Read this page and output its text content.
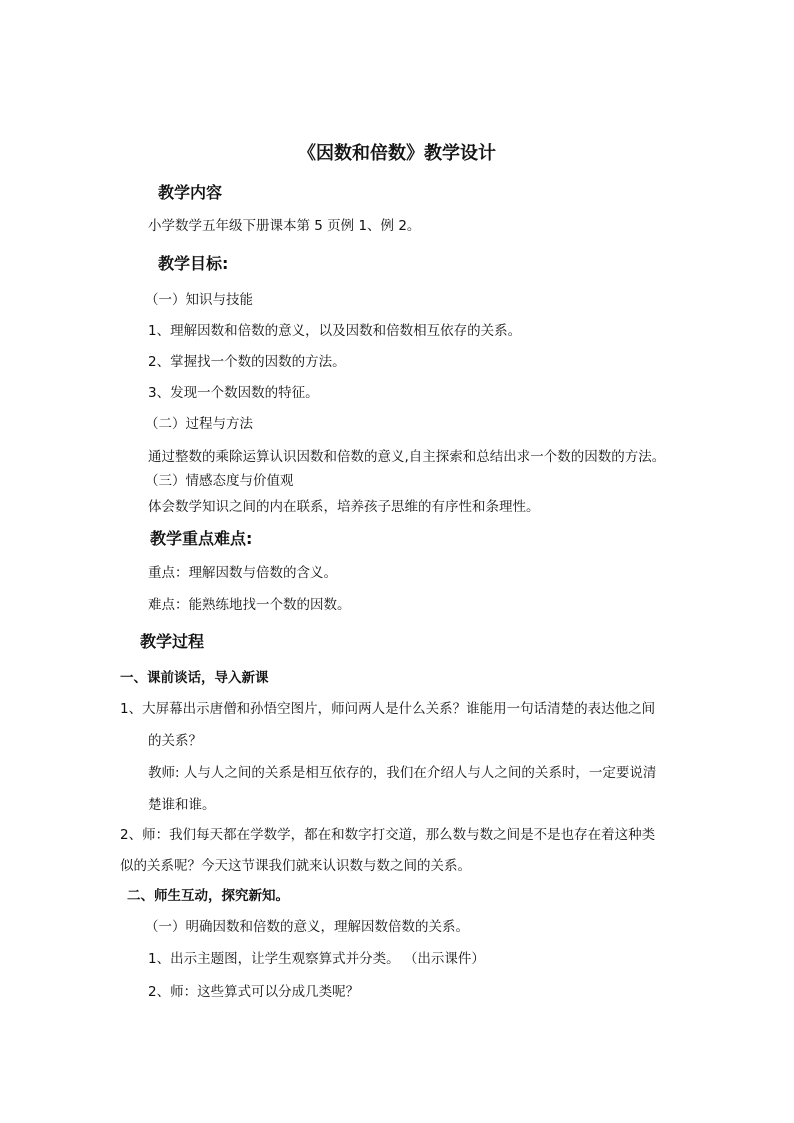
《因数和倍数》教学设计
教学内容
小学数学五年级下册课本第 5 页例 1、例 2。
教学目标:
（一）知识与技能
1、理解因数和倍数的意义，以及因数和倍数相互依存的关系。
2、掌握找一个数的因数的方法。
3、发现一个数因数的特征。
（二）过程与方法
通过整数的乘除运算认识因数和倍数的意义,自主探索和总结出求一个数的因数的方法。
（三）情感态度与价值观
体会数学知识之间的内在联系，培养孩子思维的有序性和条理性。
教学重点难点:
重点：理解因数与倍数的含义。
难点：能熟练地找一个数的因数。
教学过程
一、课前谈话，导入新课
1、大屏幕出示唐僧和孙悟空图片，师问两人是什么关系？谁能用一句话清楚的表达他之间
的关系？
教师: 人与人之间的关系是相互依存的，我们在介绍人与人之间的关系时，一定要说清
楚谁和谁。
2、师：我们每天都在学数学，都在和数字打交道，那么数与数之间是不是也存在着这种类
似的关系呢？今天这节课我们就来认识数与数之间的关系。
二、师生互动，探究新知。
（一）明确因数和倍数的意义，理解因数倍数的关系。
1、出示主题图，让学生观察算式并分类。 （出示课件）
2、师：这些算式可以分成几类呢？
